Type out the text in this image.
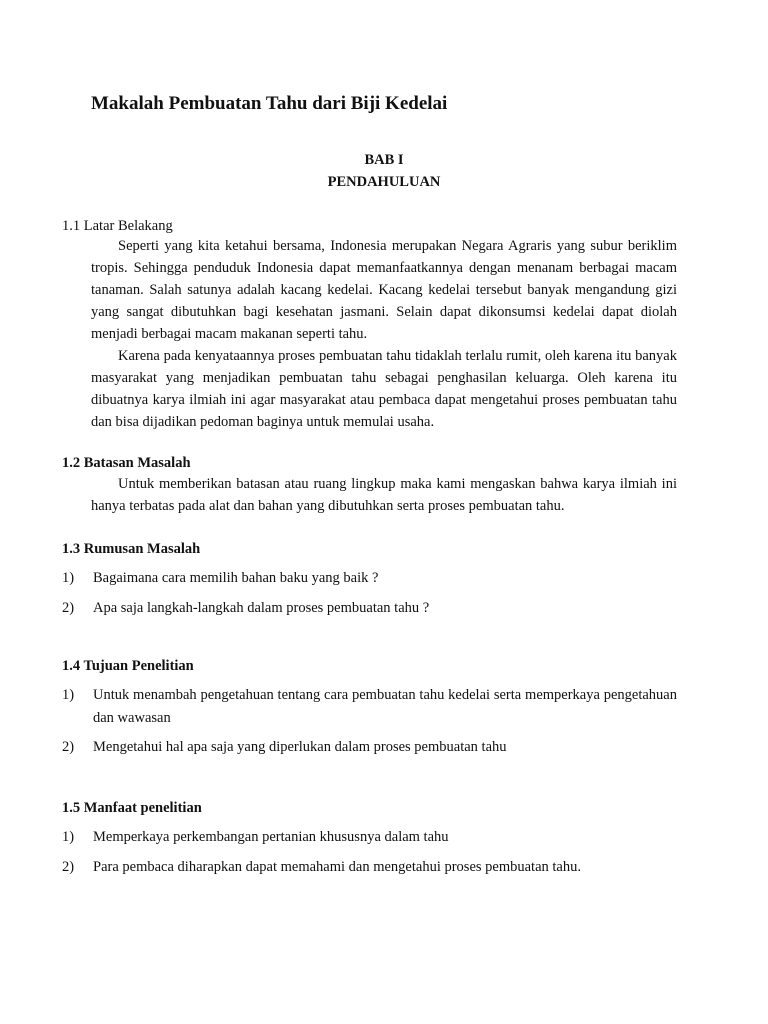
Makalah Pembuatan Tahu dari Biji Kedelai
BAB I
PENDAHULUAN
1.1 Latar Belakang

Seperti yang kita ketahui bersama, Indonesia merupakan Negara Agraris yang subur beriklim tropis. Sehingga penduduk Indonesia dapat memanfaatkannya dengan menanam berbagai macam tanaman. Salah satunya adalah kacang kedelai. Kacang kedelai tersebut banyak mengandung gizi yang sangat dibutuhkan bagi kesehatan jasmani. Selain dapat dikonsumsi kedelai dapat diolah menjadi berbagai macam makanan seperti tahu.

Karena pada kenyataannya proses pembuatan tahu tidaklah terlalu rumit, oleh karena itu banyak masyarakat yang menjadikan pembuatan tahu sebagai penghasilan keluarga. Oleh karena itu dibuatnya karya ilmiah ini agar masyarakat atau pembaca dapat mengetahui proses pembuatan tahu dan bisa dijadikan pedoman baginya untuk memulai usaha.

1.2 Batasan Masalah

Untuk memberikan batasan atau ruang lingkup maka kami mengaskan bahwa karya ilmiah ini hanya terbatas pada alat dan bahan yang dibutuhkan serta proses pembuatan tahu.

1.3 Rumusan Masalah
1)	Bagaimana cara memilih bahan baku yang baik ?
2)	Apa saja langkah-langkah dalam proses pembuatan tahu ?
1.4 Tujuan Penelitian
1)	Untuk menambah pengetahuan tentang cara pembuatan tahu kedelai serta memperkaya pengetahuan dan wawasan
2)	Mengetahui hal apa saja yang diperlukan dalam proses pembuatan tahu
1.5 Manfaat penelitian
1)	Memperkaya perkembangan pertanian khususnya dalam tahu
2)	Para pembaca diharapkan dapat memahami dan mengetahui proses pembuatan tahu.
